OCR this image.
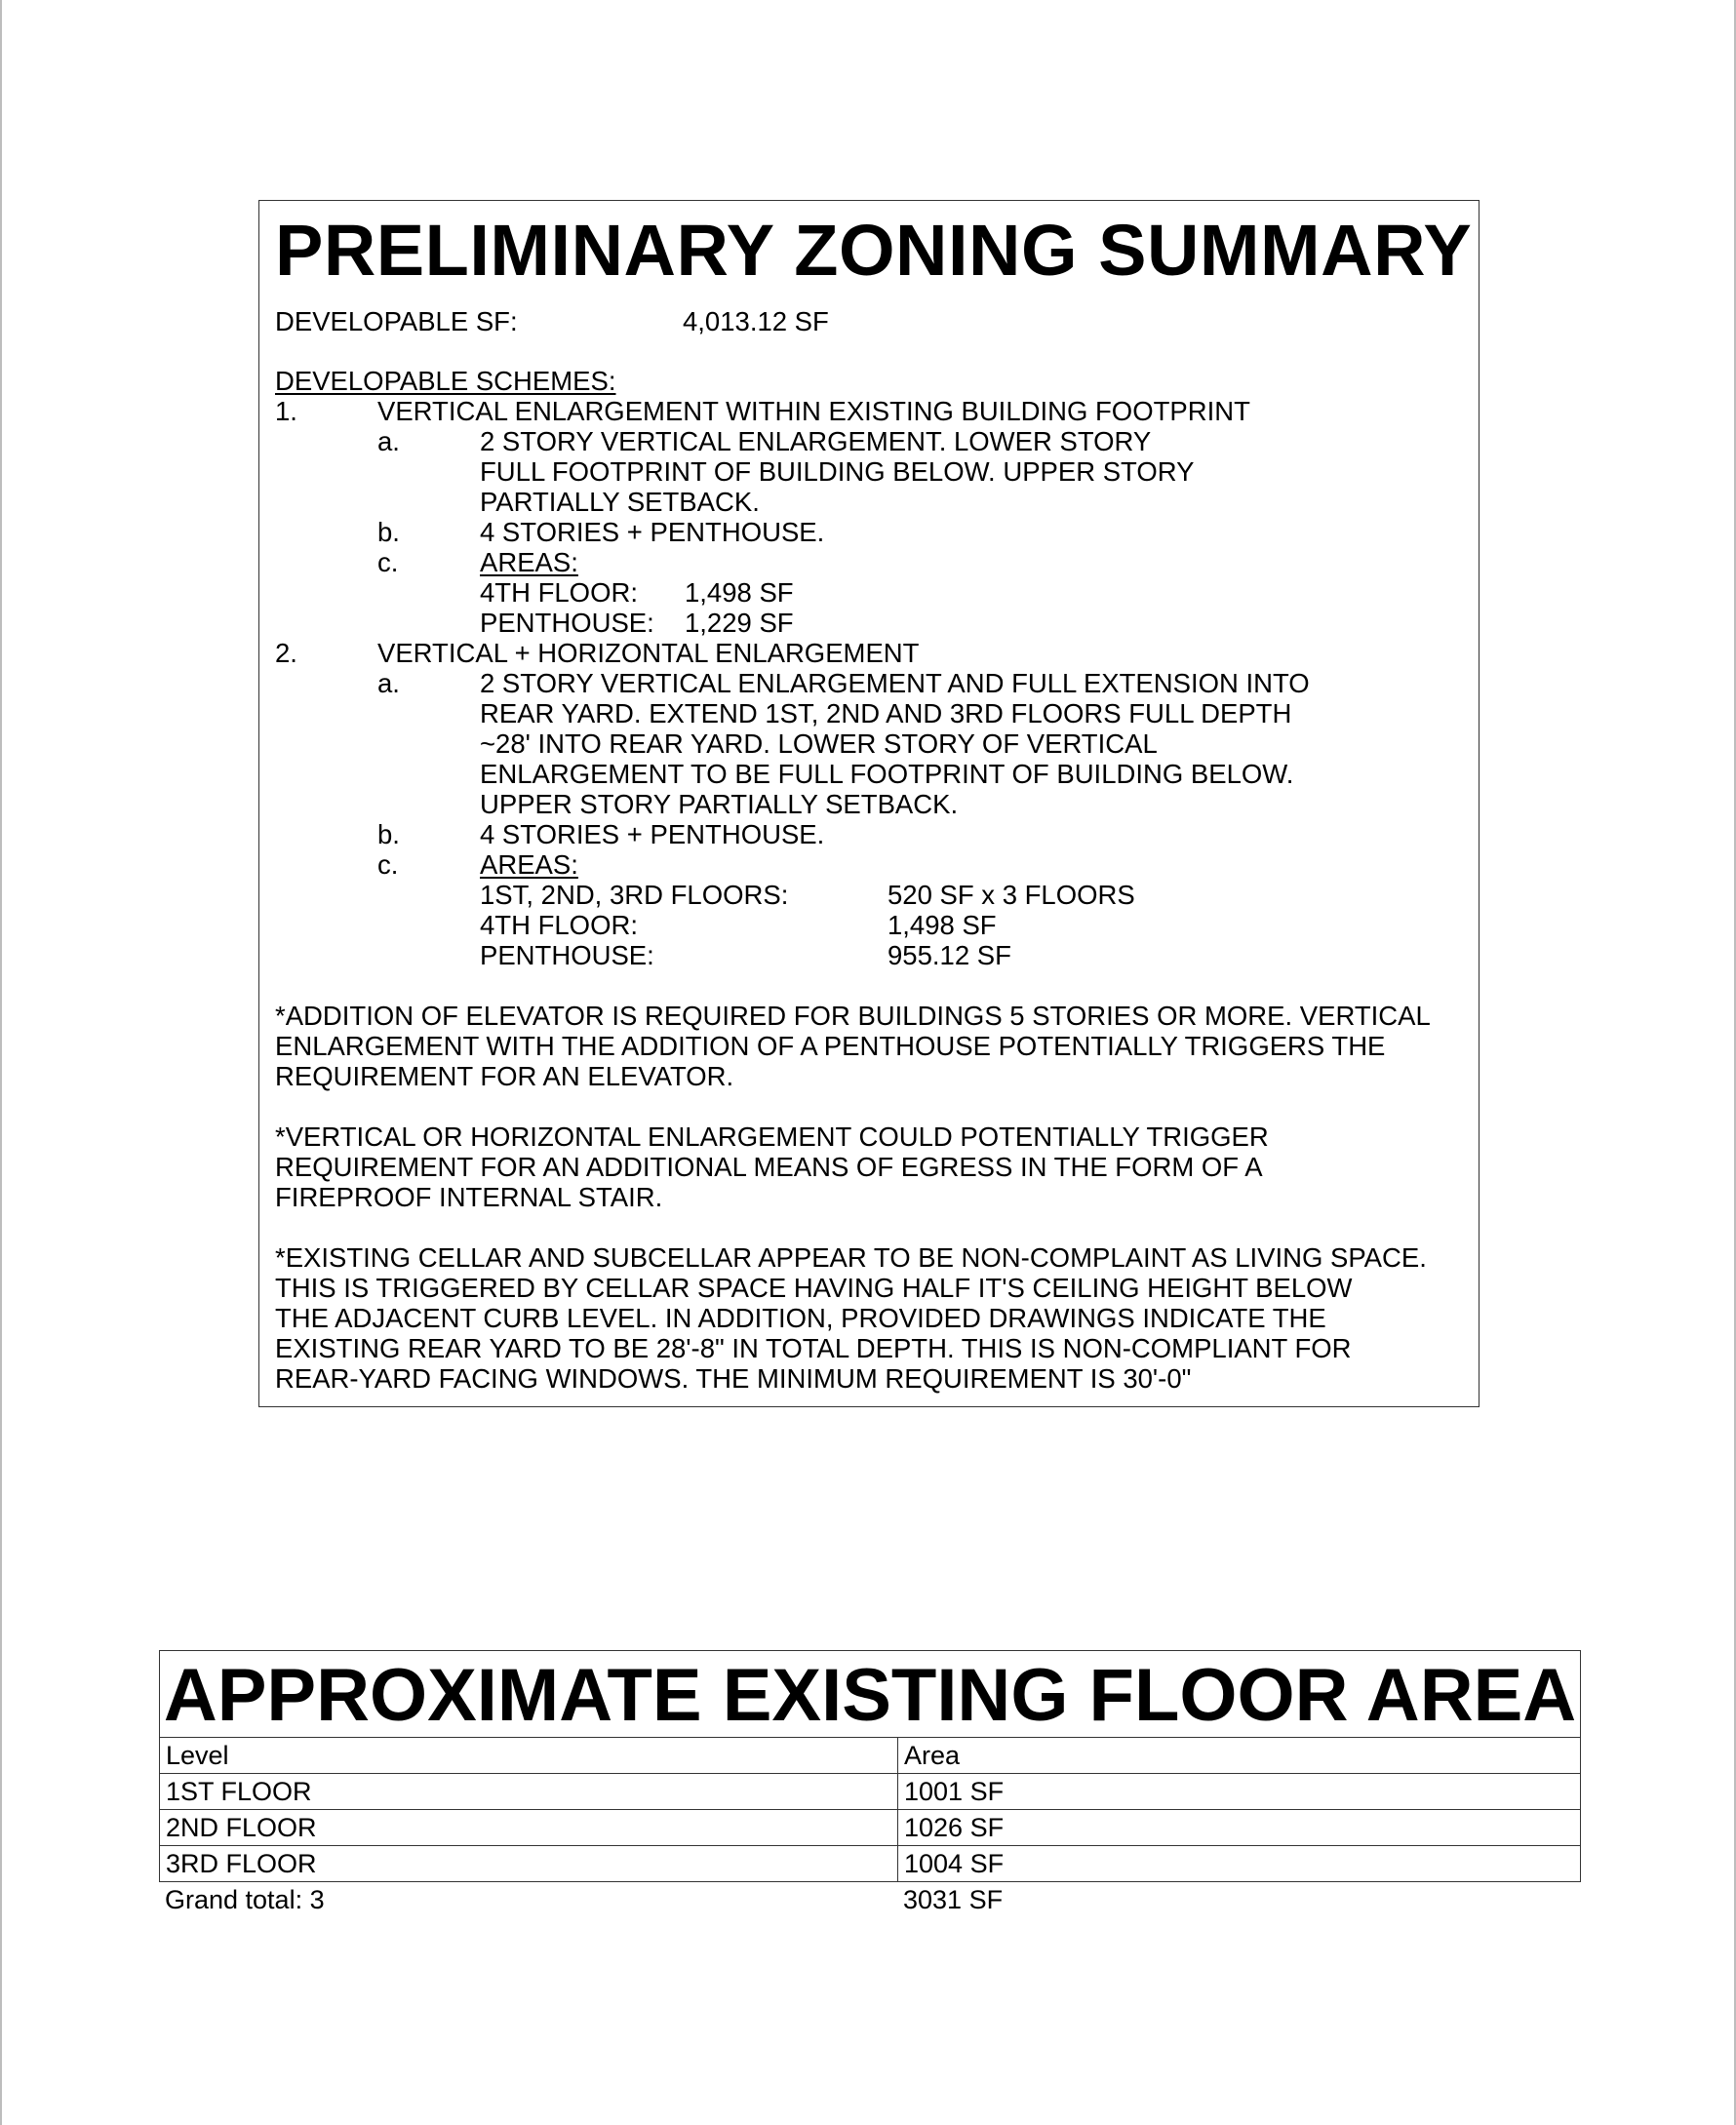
PRELIMINARY ZONING SUMMARY
DEVELOPABLE SF:	4,013.12 SF
DEVELOPABLE SCHEMES:
1.	VERTICAL ENLARGEMENT WITHIN EXISTING BUILDING FOOTPRINT
a.	2 STORY VERTICAL ENLARGEMENT. LOWER STORY
FULL FOOTPRINT OF BUILDING BELOW. UPPER STORY
PARTIALLY SETBACK.
b.	4 STORIES + PENTHOUSE.
c.	AREAS:
4TH FLOOR: 1,498 SF
PENTHOUSE: 1,229 SF
2.	VERTICAL + HORIZONTAL ENLARGEMENT
a.	2 STORY VERTICAL ENLARGEMENT AND FULL EXTENSION INTO
REAR YARD. EXTEND 1ST, 2ND AND 3RD FLOORS FULL DEPTH
~28' INTO REAR YARD. LOWER STORY OF VERTICAL
ENLARGEMENT TO BE FULL FOOTPRINT OF BUILDING BELOW.
UPPER STORY PARTIALLY SETBACK.
b.	4 STORIES + PENTHOUSE.
c.	AREAS:
1ST, 2ND, 3RD FLOORS:	520 SF x 3 FLOORS
4TH FLOOR:	1,498 SF
PENTHOUSE:	955.12 SF
*ADDITION OF ELEVATOR IS REQUIRED FOR BUILDINGS 5 STORIES OR MORE. VERTICAL
ENLARGEMENT WITH THE ADDITION OF A PENTHOUSE POTENTIALLY TRIGGERS THE
REQUIREMENT FOR AN ELEVATOR.
*VERTICAL OR HORIZONTAL ENLARGEMENT COULD POTENTIALLY TRIGGER
REQUIREMENT FOR AN ADDITIONAL MEANS OF EGRESS IN THE FORM OF A
FIREPROOF INTERNAL STAIR.
*EXISTING CELLAR AND SUBCELLAR APPEAR TO BE NON-COMPLAINT AS LIVING SPACE.
THIS IS TRIGGERED BY CELLAR SPACE HAVING HALF IT'S CEILING HEIGHT BELOW
THE ADJACENT CURB LEVEL. IN ADDITION, PROVIDED DRAWINGS INDICATE THE
EXISTING REAR YARD TO BE 28'-8" IN TOTAL DEPTH. THIS IS NON-COMPLIANT FOR
REAR-YARD FACING WINDOWS. THE MINIMUM REQUIREMENT IS 30'-0"
APPROXIMATE EXISTING FLOOR AREA
Level	Area
1ST FLOOR	1001 SF
2ND FLOOR	1026 SF
3RD FLOOR	1004 SF
Grand total: 3	3031 SF
